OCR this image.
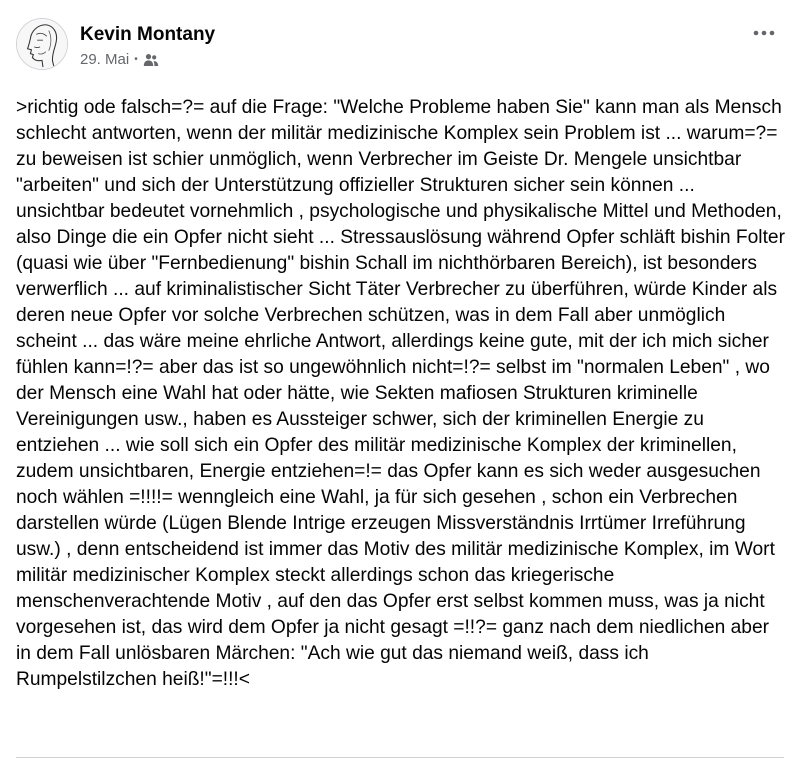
Kevin Montany
29. Mai •
>richtig ode falsch=?= auf die Frage: "Welche Probleme haben Sie" kann man als Mensch schlecht antworten, wenn der militär medizinische Komplex sein Problem ist ... warum=?= zu beweisen ist schier unmöglich, wenn Verbrecher im Geiste Dr. Mengele unsichtbar "arbeiten" und sich der Unterstützung offizieller Strukturen sicher sein können ... unsichtbar bedeutet vornehmlich , psychologische und physikalische Mittel und Methoden, also Dinge die ein Opfer nicht sieht ... Stressauslösung während Opfer schläft bishin Folter (quasi wie über "Fernbedienung" bishin Schall im nichthörbaren Bereich), ist besonders verwerflich ... auf kriminalistischer Sicht Täter Verbrecher zu überführen, würde Kinder als deren neue Opfer vor solche Verbrechen schützen, was in dem Fall aber unmöglich scheint ... das wäre meine ehrliche Antwort, allerdings keine gute, mit der ich mich sicher fühlen kann=!?= aber das ist so ungewöhnlich nicht=!?= selbst im "normalen Leben" , wo der Mensch eine Wahl hat oder hätte, wie Sekten mafiosen Strukturen kriminelle Vereinigungen usw., haben es Aussteiger schwer, sich der kriminellen Energie zu entziehen ... wie soll sich ein Opfer des militär medizinische Komplex der kriminellen, zudem unsichtbaren, Energie entziehen=!= das Opfer kann es sich weder ausgesuchen noch wählen =!!!!= wenngleich eine Wahl, ja für sich gesehen , schon ein Verbrechen darstellen würde (Lügen Blende Intrige erzeugen Missverständnis Irrtümer Irreführung usw.) , denn entscheidend ist immer das Motiv des militär medizinische Komplex, im Wort militär medizinischer Komplex steckt allerdings schon das kriegerische menschenverachtende Motiv , auf den das Opfer erst selbst kommen muss, was ja nicht vorgesehen ist, das wird dem Opfer ja nicht gesagt =!!?= ganz nach dem niedlichen aber in dem Fall unlösbaren Märchen: "Ach wie gut das niemand weiß, dass ich Rumpelstilzchen heiß!"=!!!<
